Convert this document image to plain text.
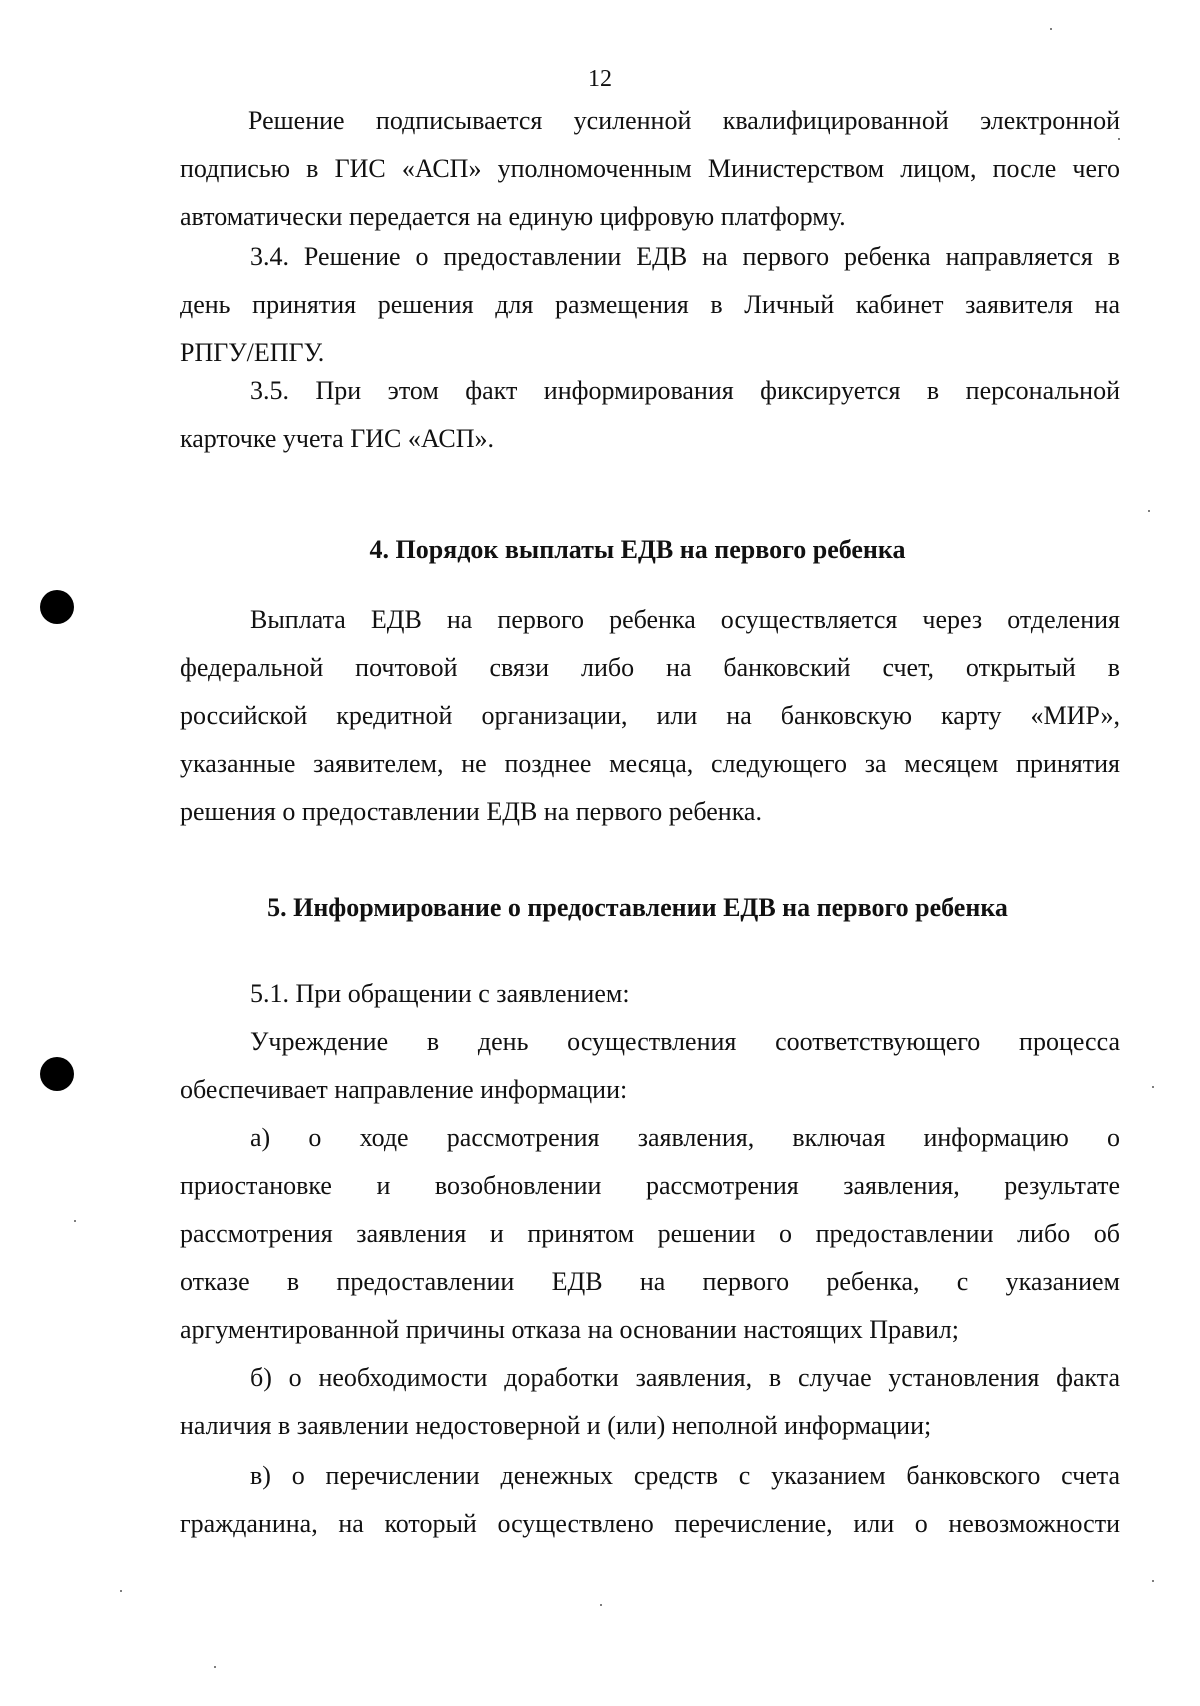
12
Решение подписывается усиленной квалифицированной электронной
подписью в ГИС «АСП» уполномоченным Министерством лицом, после чего
автоматически передается на единую цифровую платформу.
3.4. Решение о предоставлении ЕДВ на первого ребенка направляется в
день принятия решения для размещения в Личный кабинет заявителя на
РПГУ/ЕПГУ.
3.5. При этом факт информирования фиксируется в персональной
карточке учета ГИС «АСП».
4. Порядок выплаты ЕДВ на первого ребенка
Выплата ЕДВ на первого ребенка осуществляется через отделения
федеральной почтовой связи либо на банковский счет, открытый в
российской кредитной организации, или на банковскую карту «МИР»,
указанные заявителем, не позднее месяца, следующего за месяцем принятия
решения о предоставлении ЕДВ на первого ребенка.
5. Информирование о предоставлении ЕДВ на первого ребенка
5.1. При обращении с заявлением:
Учреждение в день осуществления соответствующего процесса
обеспечивает направление информации:
а) о ходе рассмотрения заявления, включая информацию о
приостановке и возобновлении рассмотрения заявления, результате
рассмотрения заявления и принятом решении о предоставлении либо об
отказе в предоставлении ЕДВ на первого ребенка, с указанием
аргументированной причины отказа на основании настоящих Правил;
б) о необходимости доработки заявления, в случае установления факта
наличия в заявлении недостоверной и (или) неполной информации;
в) о перечислении денежных средств с указанием банковского счета
гражданина, на который осуществлено перечисление, или о невозможности
